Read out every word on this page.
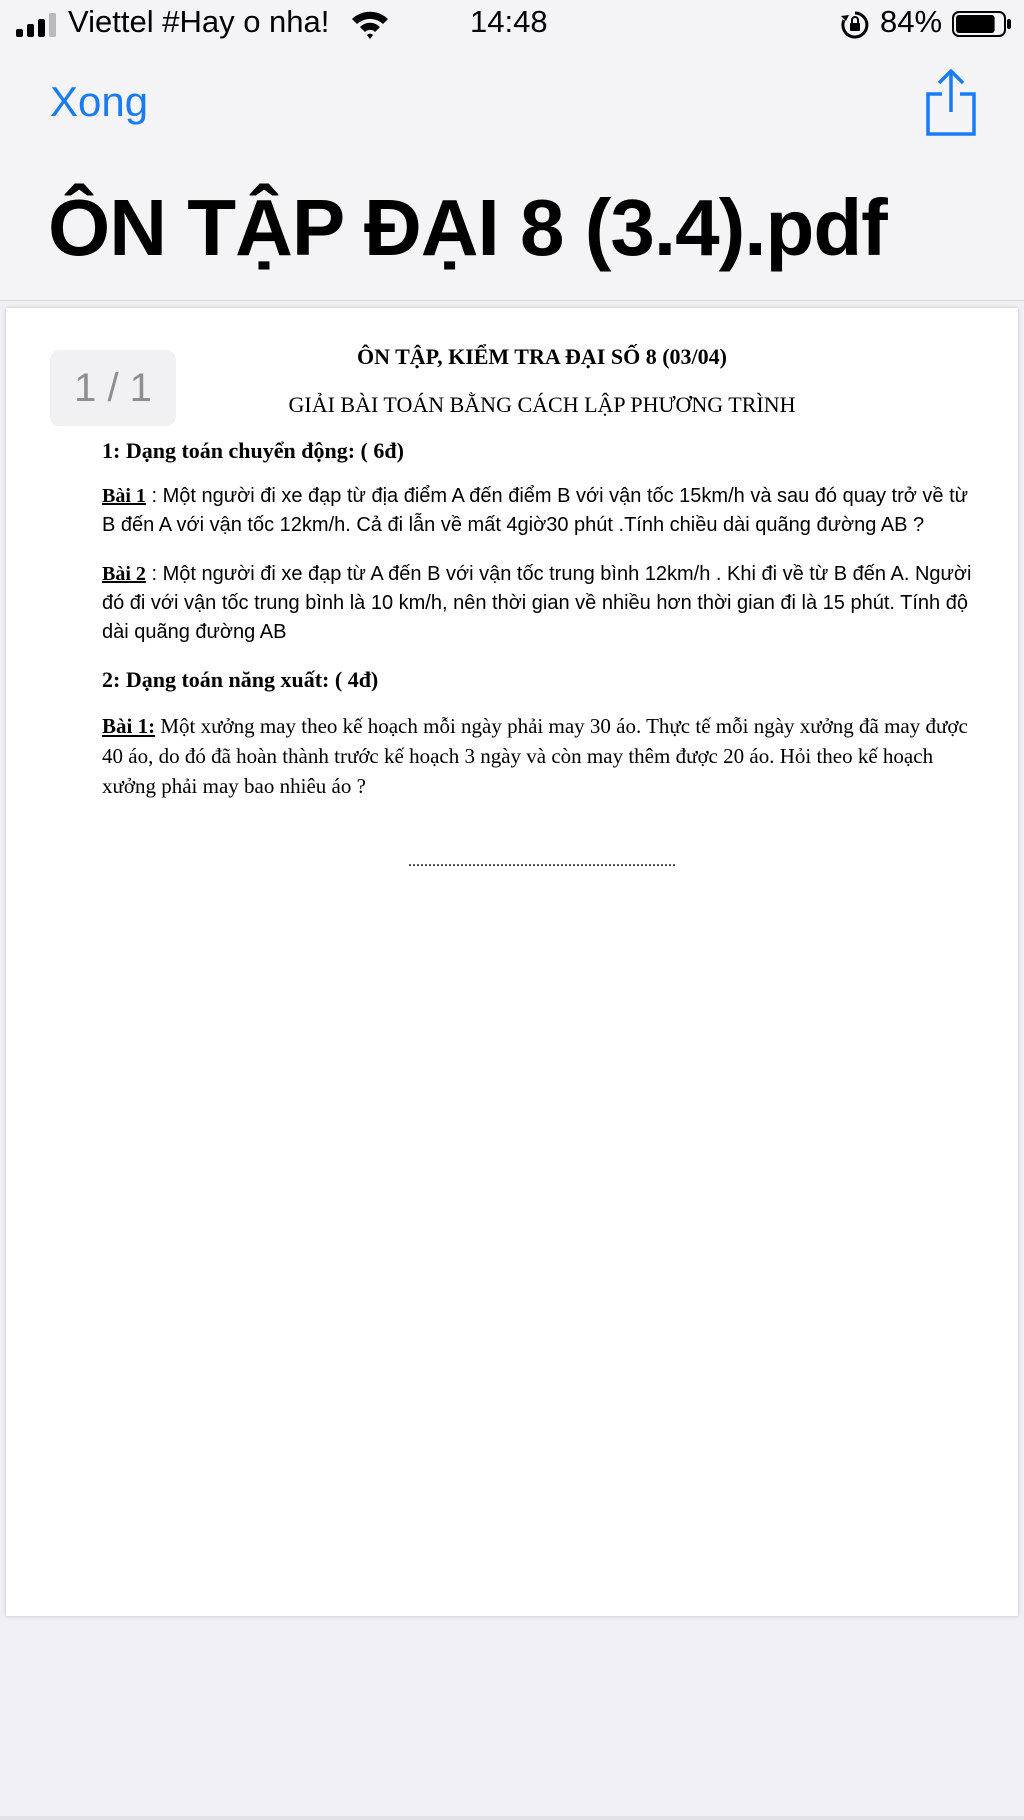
Viettel #Hay o nha!	14:48	84%
Xong
ÔN TẬP ĐẠI 8 (3.4).pdf
1 / 1
ÔN TẬP, KIỂM TRA ĐẠI SỐ 8 (03/04)
GIẢI BÀI TOÁN BẰNG CÁCH LẬP PHƯƠNG TRÌNH

1: Dạng toán chuyển động: ( 6đ)

Bài 1 : Một người đi xe đạp từ địa điểm A đến điểm B với vận tốc 15km/h và sau đó quay trở về từ B đến A với vận tốc 12km/h. Cả đi lẫn về mất 4giờ30 phút .Tính chiều dài quãng đường AB ?

Bài 2 : Một người đi xe đạp từ A đến B với vận tốc trung bình 12km/h . Khi đi về từ B đến A. Người đó đi với vận tốc trung bình là 10 km/h, nên thời gian về nhiều hơn thời gian đi là 15 phút. Tính độ dài quãng đường AB

2: Dạng toán năng xuất: ( 4đ)

Bài 1: Một xưởng may theo kế hoạch mỗi ngày phải may 30 áo. Thực tế mỗi ngày xưởng đã may được 40 áo, do đó đã hoàn thành trước kế hoạch 3 ngày và còn may thêm được 20 áo. Hỏi theo kế hoạch xưởng phải may bao nhiêu áo ?

...................................................................
